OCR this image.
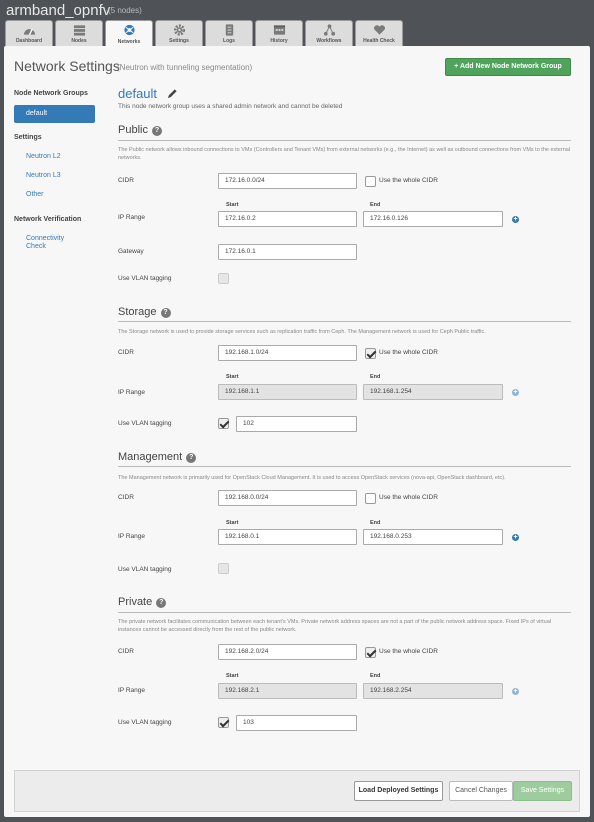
armband_opnfv
(5 nodes)
Dashboard	Nodes	Networks	Settings	Logs	History	Workflows	Health Check
Network Settings
(Neutron with tunneling segmentation)	+ Add New Node Network Group
Node Network Groups
default
Settings
Neutron L2
Neutron L3
Other
Network Verification
Connectivity Check
default
This node network group uses a shared admin network and cannot be deleted
Public ?
The Public network allows inbound connections to VMs (Controllers and Tenant VMs) from external networks (e.g., the Internet) as well as outbound connections from VMs to the external networks.
CIDR	172.16.0.0/24	Use the whole CIDR
Start	End
IP Range	172.16.0.2	172.16.0.126	+
Gateway	172.16.0.1
Use VLAN tagging
Storage ?
The Storage network is used to provide storage services such as replication traffic from Ceph. The Management network is used for Ceph Public traffic.
CIDR	192.168.1.0/24	Use the whole CIDR
Start	End
IP Range	192.168.1.1	192.168.1.254	+
Use VLAN tagging	102
Management ?
The Management network is primarily used for OpenStack Cloud Management. It is used to access OpenStack services (nova-api, OpenStack dashboard, etc).
CIDR	192.168.0.0/24	Use the whole CIDR
Start	End
IP Range	192.168.0.1	192.168.0.253	+
Use VLAN tagging
Private ?
The private network facilitates communication between each tenant's VMs. Private network address spaces are not a part of the public network address space. Fixed IPs of virtual instances cannot be accessed directly from the rest of the public network.
CIDR	192.168.2.0/24	Use the whole CIDR
Start	End
IP Range	192.168.2.1	192.168.2.254	+
Use VLAN tagging	103
Load Deployed Settings	Cancel Changes	Save Settings
